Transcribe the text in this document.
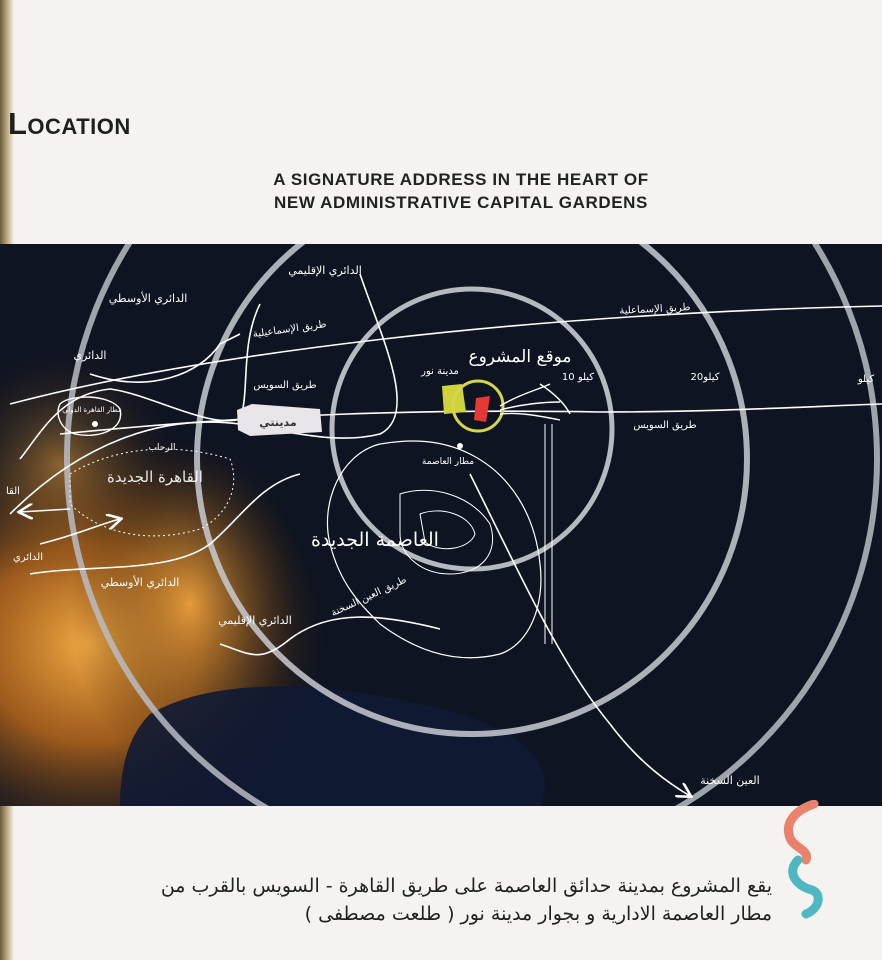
Location
A SIGNATURE ADDRESS IN THE HEART OF
NEW ADMINISTRATIVE CAPITAL GARDENS
الدائري الإقليمي
الدائري الأوسطي
الدائري
طريق الإسماعيلية
طريق الإسماعلية
موقع المشروع
مدينة نور
طريق السويس
طريق السويس
مدينتي
مطار العاصمة
مطار القاهرة الدولي
الرحاب
القاهرة الجديدة
العاصمة الجديدة
الدائري
الدائري الأوسطي
الدائري الإقليمي
طريق العين السخنة
العين السخنة
10 كيلو	20كيلو	كيلو
القا
يقع المشروع بمدينة حدائق العاصمة على طريق القاهرة - السويس بالقرب من
مطار العاصمة الادارية و بجوار مدينة نور ( طلعت مصطفى )
